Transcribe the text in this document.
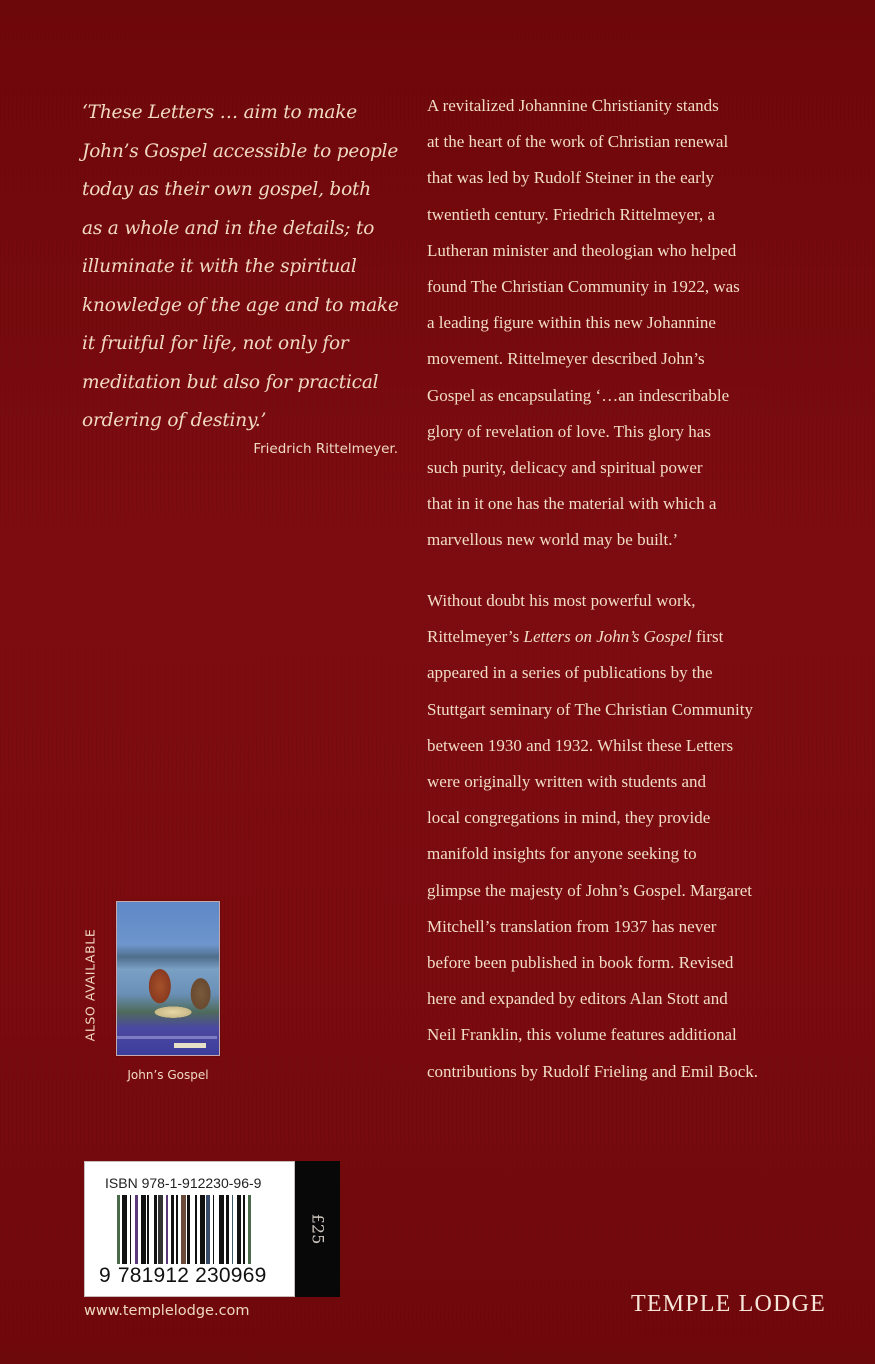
‘These Letters … aim to make
John’s Gospel accessible to people
today as their own gospel, both
as a whole and in the details; to
illuminate it with the spiritual
knowledge of the age and to make
it fruitful for life, not only for
meditation but also for practical
ordering of destiny.’
Friedrich Rittelmeyer.
A revitalized Johannine Christianity stands
at the heart of the work of Christian renewal
that was led by Rudolf Steiner in the early
twentieth century. Friedrich Rittelmeyer, a
Lutheran minister and theologian who helped
found The Christian Community in 1922, was
a leading figure within this new Johannine
movement. Rittelmeyer described John’s
Gospel as encapsulating ‘…an indescribable
glory of revelation of love. This glory has
such purity, delicacy and spiritual power
that in it one has the material with which a
marvellous new world may be built.’
Without doubt his most powerful work,
Rittelmeyer’s Letters on John’s Gospel first
appeared in a series of publications by the
Stuttgart seminary of The Christian Community
between 1930 and 1932. Whilst these Letters
were originally written with students and
local congregations in mind, they provide
manifold insights for anyone seeking to
glimpse the majesty of John’s Gospel. Margaret
Mitchell’s translation from 1937 has never
before been published in book form. Revised
here and expanded by editors Alan Stott and
Neil Franklin, this volume features additional
contributions by Rudolf Frieling and Emil Bock.
ALSO AVAILABLE
John’s Gospel
ISBN 978-1-912230-96-9
9 781912 230969
£25
www.templelodge.com	TEMPLE LODGE
